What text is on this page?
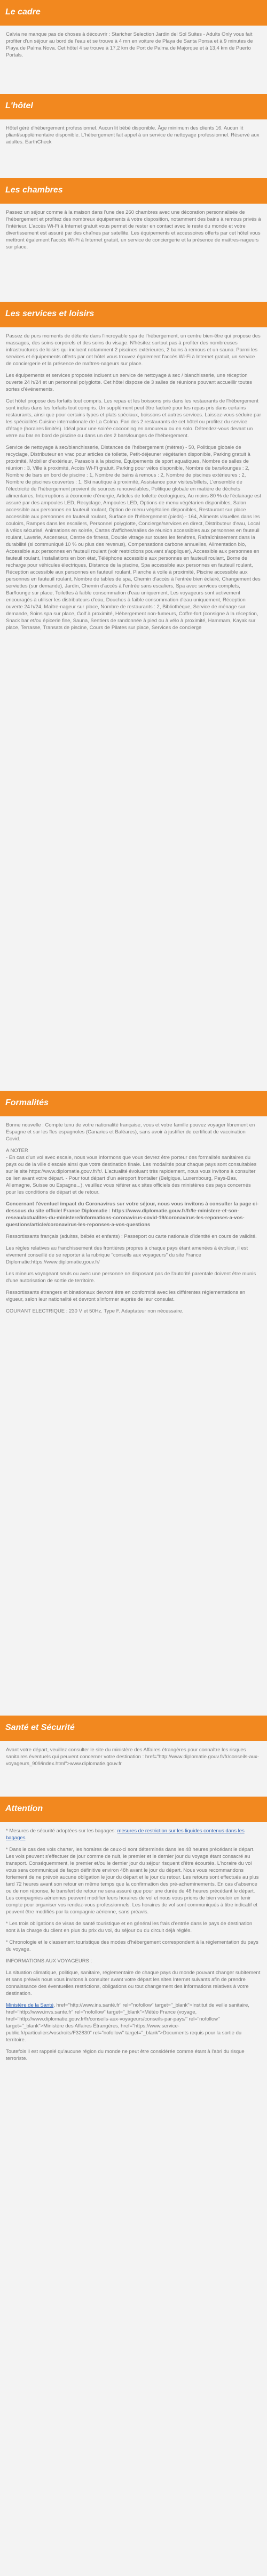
Le cadre

Calvia ne manque pas de choses à découvrir : Staricher Selection Jardin del Sol Suites - Adults Only vous fait profiter d'un séjour au bord de l'eau et se trouve à 4 mn en voiture de Playa de Santa Ponsa et à 9 minutes de Playa de Palma Nova. Cet hôtel 4 se trouve à 17,2 km de Port de Palma de Majorque et à 13,4 km de Puerto Portals.

L'hôtel

Hôtel géré d'hébergement professionnel. Aucun lit bébé disponible. Âge minimum des clients 16. Aucun lit pliant/supplémentaire disponible. L'hébergement fait appel à un service de nettoyage professionnel. Réservé aux adultes. EarthCheck

Les chambres

Passez un séjour comme à la maison dans l'une des 260 chambres avec une décoration personnalisée de l'hébergement et profitez des nombreux équipements à votre disposition, notamment des bains à remous privés à l'intérieur. L'accès Wi-Fi à Internet gratuit vous permet de rester en contact avec le reste du monde et votre divertissement est assuré par des chaînes par satellite. Les équipements et accessoires offerts par cet hôtel vous mettront également l'accès Wi-Fi à Internet gratuit, un service de conciergerie et la présence de maîtres-nageurs sur place.

Les services et loisirs

Passez de purs moments de détente dans l'incroyable spa de l'hébergement, un centre bien-être qui propose des massages, des soins corporels et des soins du visage. N'hésitez surtout pas à profiter des nombreuses infrastructures de loisirs qui incluent notamment 2 piscines extérieures, 2 bains à remous et un sauna. Parmi les services et équipements offerts par cet hôtel vous trouvez également l'accès Wi-Fi à Internet gratuit, un service de conciergerie et la présence de maîtres-nageurs sur place.

Les équipements et services proposés incluent un service de nettoyage à sec / blanchisserie, une réception ouverte 24 h/24 et un personnel polyglotte. Cet hôtel dispose de 3 salles de réunions pouvant accueillir toutes sortes d'événements.

Cet hôtel propose des forfaits tout compris. Les repas et les boissons pris dans les restaurants de l'hébergement sont inclus dans les forfaits tout compris. Un supplément peut être facturé pour les repas pris dans certains restaurants, ainsi que pour certains types et plats spéciaux, boissons et autres services. Laissez-vous séduire par les spécialités Cuisine internationale de La Colma. Fan des 2 restaurants de cet hôtel ou profitez du service d'étage (horaires limités). Idéal pour une soirée cocooning en amoureux ou en solo. Détendez-vous devant un verre au bar en bord de piscine ou dans un des 2 bars/lounges de l'hébergement.

Service de nettoyage à sec/blanchisserie, Distances de l'hébergement (mètres) - 50, Politique globale de recyclage, Distributeur en vrac pour articles de toilette, Petit-déjeuner végétarien disponible, Parking gratuit à proximité, Mobilier d'extérieur, Parasols à la piscine, Équipements de sport aquatiques, Nombre de salles de réunion : 3, Ville à proximité, Accès Wi-Fi gratuit, Parking pour vélos disponible, Nombre de bars/lounges : 2, Nombre de bars en bord de piscine : 1, Nombre de bains à remous : 2, Nombre de piscines extérieures : 2, Nombre de piscines couvertes : 1, Ski nautique à proximité, Assistance pour visites/billets, L'ensemble de l'électricité de l'hébergement provient de sources renouvelables, Politique globale en matière de déchets alimentaires, Interruptions à économie d'énergie, Articles de toilette écologiques, Au moins 80 % de l'éclairage est assuré par des ampoules LED, Recyclage, Ampoules LED, Options de menu végétarien disponibles, Salon accessible aux personnes en fauteuil roulant, Option de menu végétalien disponibles, Restaurant sur place accessible aux personnes en fauteuil roulant, Surface de l'hébergement (pieds) - 164, Aliments visuelles dans les couloirs, Rampes dans les escaliers, Personnel polyglotte, Concierge/services en direct, Distributeur d'eau, Local à vélos sécurisé, Animations en soirée, Cartes d'affiches/salles de réunion accessibles aux personnes en fauteuil roulant, Laverie, Ascenseur, Centre de fitness, Double vitrage sur toutes les fenêtres, Rafraîchissement dans la durabilité (si communiqué 10 % ou plus des revenus), Compensations carbone annuelles, Alimentation bio, Accessible aux personnes en fauteuil roulant (voir restrictions pouvant s'appliquer), Accessible aux personnes en fauteuil roulant, Installations en bon état, Téléphone accessible aux personnes en fauteuil roulant, Borne de recharge pour véhicules électriques, Distance de la piscine, Spa accessible aux personnes en fauteuil roulant, Réception accessible aux personnes en fauteuil roulant, Planche à voile à proximité, Piscine accessible aux personnes en fauteuil roulant, Nombre de tables de spa, Chemin d'accès à l'entrée bien éclairé, Changement des serviettes (sur demande), Jardin, Chemin d'accès à l'entrée sans escaliers, Spa avec services complets, Bar/lounge sur place, Toilettes à faible consommation d'eau uniquement, Les voyageurs sont activement encouragés à utiliser les distributeurs d'eau, Douches à faible consommation d'eau uniquement, Réception ouverte 24 h/24, Maître-nageur sur place, Nombre de restaurants : 2, Bibliothèque, Service de ménage sur demande, Soins spa sur place, Golf à proximité, Hébergement non-fumeurs, Coffre-fort (consigne à la réception, Snack bar et/ou épicerie fine, Sauna, Sentiers de randonnée à pied ou à vélo à proximité, Hammam, Kayak sur place, Terrasse, Transats de piscine, Cours de Pilates sur place, Services de concierge

Formalités

Bonne nouvelle : Compte tenu de votre nationalité française, vous et votre famille pouvez voyager librement en Espagne et sur les îles espagnoles (Canaries et Baléares), sans avoir à justifier de certificat de vaccination Covid.

A NOTER

- En cas d'un vol avec escale, nous vous informons que vous devrez être porteur des formalités sanitaires du pays ou de la ville d'escale ainsi que votre destination finale. Les modalités pour chaque pays sont consultables sur le site https://www.diplomatie.gouv.fr/fr/. L'actualité évoluant très rapidement, nous vous invitons à consulter ce lien avant votre départ. - Pour tout départ d'un aéroport frontalier (Belgique, Luxembourg, Pays-Bas, Allemagne, Suisse ou Espagne...), veuillez vous référer aux sites officiels des ministères des pays concernés pour les conditions de départ et de retour.

Concernant l'éventuel impact du Coronavirus sur votre séjour, nous vous invitons à consulter la page ci-dessous du site officiel France Diplomatie : https://www.diplomatie.gouv.fr/fr/le-ministere-et-son-reseau/actualites-du-ministere/informations-coronavirus-covid-19/coronavirus-les-reponses-a-vos-questions/article/coronavirus-les-reponses-a-vos-questions

Ressortissants français (adultes, bébés et enfants) : Passeport ou carte nationale d'identité en cours de validité.

Les règles relatives au franchissement des frontières propres à chaque pays étant amenées à évoluer, il est vivement conseillé de se reporter à la rubrique "conseils aux voyageurs" du site France Diplomatie:https://www.diplomatie.gouv.fr/

Les mineurs voyageant seuls ou avec une personne ne disposant pas de l'autorité parentale doivent être munis d'une autorisation de sortie de territoire.

Ressortissants étrangers et binationaux devront être en conformité avec les différentes réglementations en vigueur, selon leur nationalité et devront s'informer auprès de leur consulat.

COURANT ELECTRIQUE : 230 V et 50Hz. Type F. Adaptateur non nécessaire.

Santé et Sécurité

Avant votre départ, veuillez consulter le site du ministère des Affaires étrangères pour connaître les risques sanitaires éventuels qui peuvent concerner votre destination : href="http://www.diplomatie.gouv.fr/fr/conseils-aux-voyageurs_909/index.html">www.diplomatie.gouv.fr

Attention

* Mesures de sécurité adoptées sur les bagages: mesures de restriction sur les liquides contenus dans les bagages

* Dans le cas des vols charter, les horaires de ceux-ci sont déterminés dans les 48 heures précédant le départ. Les vols peuvent s'effectuer de jour comme de nuit, le premier et le dernier jour du voyage étant consacré au transport. Conséquemment, le premier et/ou le dernier jour du séjour risquent d'être écourtés. L'horaire du vol vous sera communiqué de façon définitive environ 48h avant le jour du départ. Nous vous recommandons fortement de ne prévoir aucune obligation le jour du départ et le jour du retour. Les retours sont effectués au plus tard 72 heures avant son retour en même temps que la confirmation des pré-acheminements. En cas d'absence ou de non réponse, le transfert de retour ne sera assuré que pour une durée de 48 heures précédant le départ. Les compagnies aériennes peuvent modifier leurs horaires de vol et nous vous prions de bien vouloir en tenir compte pour organiser vos rendez-vous professionnels. Les horaires de vol sont communiqués à titre indicatif et peuvent être modifiés par la compagnie aérienne, sans préavis.

* Les trois obligations de visas de santé touristique et en général les frais d'entrée dans le pays de destination sont à la charge du client en plus du prix du vol, du séjour ou du circuit déjà réglés.

* Chronologie et le classement touristique des modes d'hébergement correspondent à la réglementation du pays du voyage.

INFORMATIONS AUX VOYAGEURS :

La situation climatique, politique, sanitaire, réglementaire de chaque pays du monde pouvant changer subitement et sans préavis nous vous invitons à consulter avant votre départ les sites Internet suivants afin de prendre connaissance des éventuelles restrictions, obligations ou tout changement des informations relatives à votre destination.

Ministère de la Santé, href="http://www.ins.santé.fr" rel="nofollow" target="_blank">Institut de veille sanitaire, href="http://www.invs.sante.fr" rel="nofollow" target="_blank">Météo France (voyage, href="http://www.diplomatie.gouv.fr/fr/conseils-aux-voyageurs/conseils-par-pays/" rel="nofollow" target="_blank">Ministère des Affaires Étrangères, href="https://www.service-public.fr/particuliers/vosdroits/F32830" rel="nofollow" target="_blank">Documents requis pour la sortie du territoire.

Toutefois il est rappelé qu'aucune région du monde ne peut être considérée comme étant à l'abri du risque terroriste.
